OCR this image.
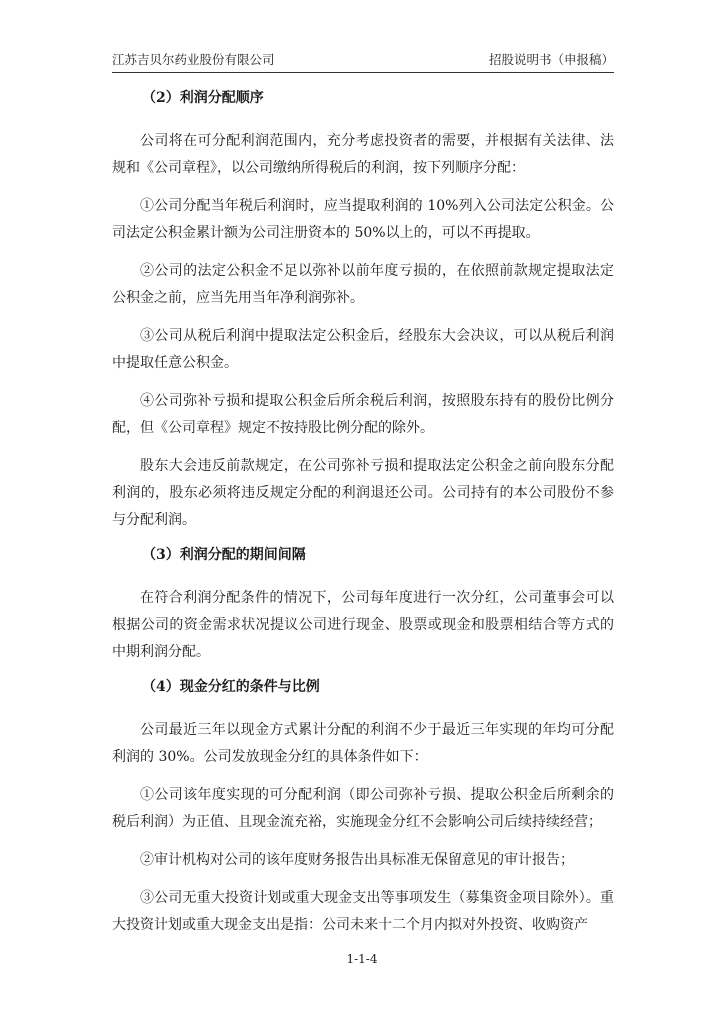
江苏吉贝尔药业股份有限公司	招股说明书（申报稿）
（2）利润分配顺序

公司将在可分配利润范围内，充分考虑投资者的需要，并根据有关法律、法规和《公司章程》，以公司缴纳所得税后的利润，按下列顺序分配：

①公司分配当年税后利润时，应当提取利润的 10%列入公司法定公积金。公司法定公积金累计额为公司注册资本的 50%以上的，可以不再提取。

②公司的法定公积金不足以弥补以前年度亏损的，在依照前款规定提取法定公积金之前，应当先用当年净利润弥补。

③公司从税后利润中提取法定公积金后，经股东大会决议，可以从税后利润中提取任意公积金。

④公司弥补亏损和提取公积金后所余税后利润，按照股东持有的股份比例分配，但《公司章程》规定不按持股比例分配的除外。

股东大会违反前款规定，在公司弥补亏损和提取法定公积金之前向股东分配利润的，股东必须将违反规定分配的利润退还公司。公司持有的本公司股份不参与分配利润。

（3）利润分配的期间间隔

在符合利润分配条件的情况下，公司每年度进行一次分红，公司董事会可以根据公司的资金需求状况提议公司进行现金、股票或现金和股票相结合等方式的中期利润分配。

（4）现金分红的条件与比例

公司最近三年以现金方式累计分配的利润不少于最近三年实现的年均可分配利润的 30%。公司发放现金分红的具体条件如下：

①公司该年度实现的可分配利润（即公司弥补亏损、提取公积金后所剩余的税后利润）为正值、且现金流充裕，实施现金分红不会影响公司后续持续经营；

②审计机构对公司的该年度财务报告出具标准无保留意见的审计报告；

③公司无重大投资计划或重大现金支出等事项发生（募集资金项目除外）。重大投资计划或重大现金支出是指：公司未来十二个月内拟对外投资、收购资产

1-1-4
